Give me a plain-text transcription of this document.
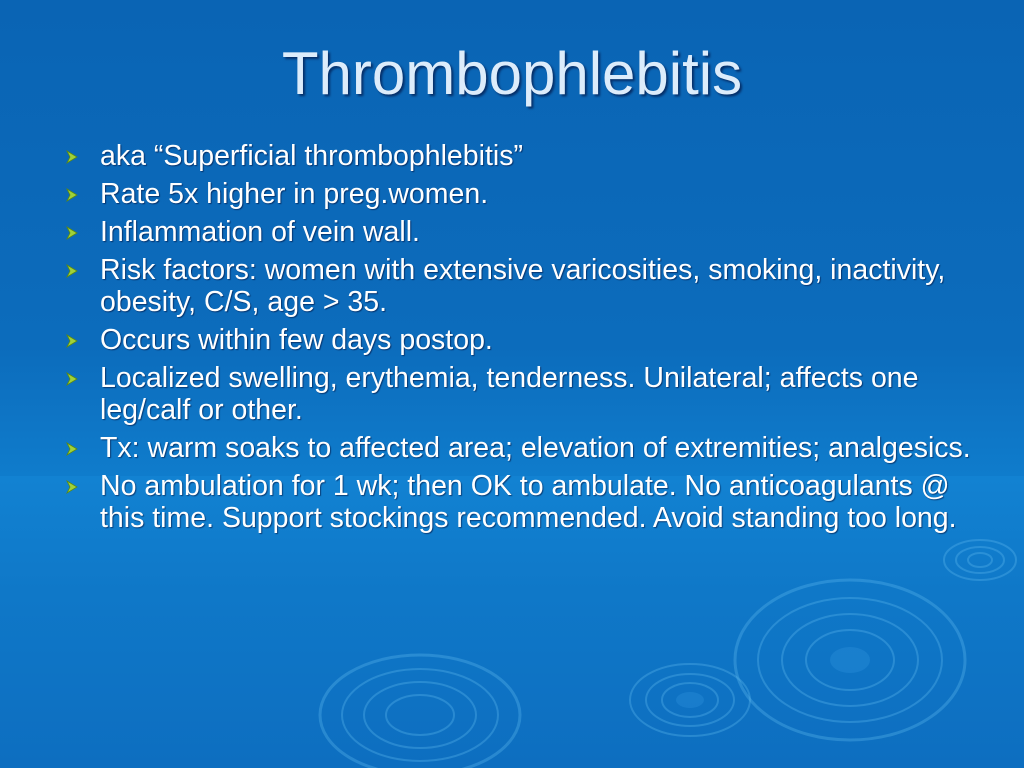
Thrombophlebitis
aka “Superficial thrombophlebitis”
Rate 5x higher in preg.women.
Inflammation of vein wall.
Risk factors: women with extensive varicosities, smoking, inactivity, obesity, C/S, age > 35.
Occurs within few days postop.
Localized swelling, erythemia, tenderness. Unilateral; affects one leg/calf or other.
Tx: warm soaks to affected area; elevation of extremities; analgesics.
No ambulation for 1 wk; then OK to ambulate. No anticoagulants @ this time. Support stockings recommended. Avoid standing too long.
